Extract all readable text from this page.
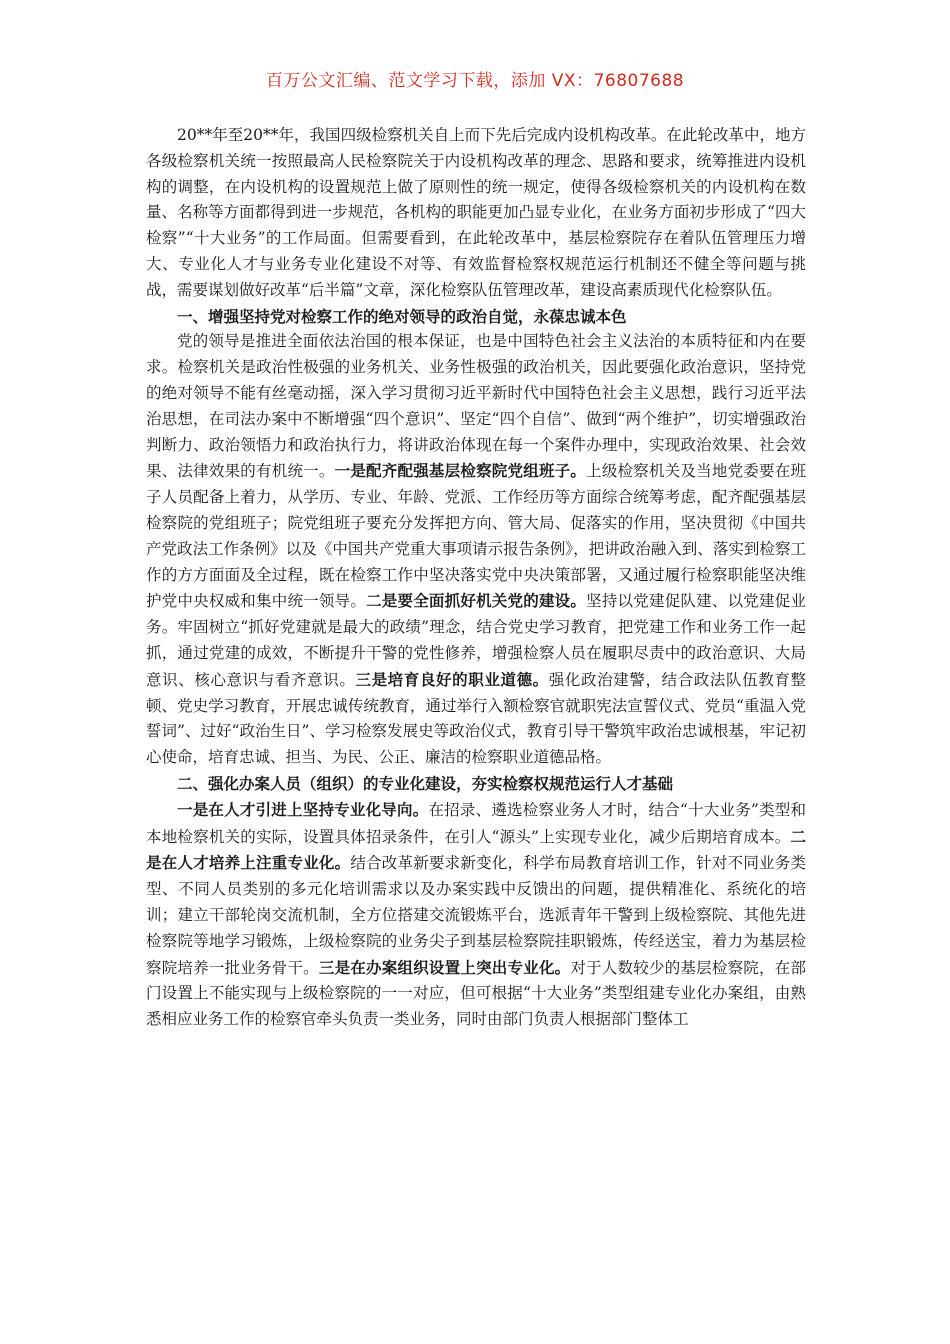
百万公文汇编、范文学习下载，添加 VX：76807688

20**年至20**年，我国四级检察机关自上而下先后完成内设机构改革。在此轮改革中，地方各级检察机关统一按照最高人民检察院关于内设机构改革的理念、思路和要求，统筹推进内设机构的调整，在内设机构的设置规范上做了原则性的统一规定，使得各级检察机关的内设机构在数量、名称等方面都得到进一步规范，各机构的职能更加凸显专业化，在业务方面初步形成了“四大检察”“十大业务”的工作局面。但需要看到，在此轮改革中，基层检察院存在着队伍管理压力增大、专业化人才与业务专业化建设不对等、有效监督检察权规范运行机制还不健全等问题与挑战，需要谋划做好改革“后半篇”文章，深化检察队伍管理改革，建设高素质现代化检察队伍。

一、增强坚持党对检察工作的绝对领导的政治自觉，永葆忠诚本色

党的领导是推进全面依法治国的根本保证，也是中国特色社会主义法治的本质特征和内在要求。检察机关是政治性极强的业务机关、业务性极强的政治机关，因此要强化政治意识，坚持党的绝对领导不能有丝毫动摇，深入学习贯彻习近平新时代中国特色社会主义思想，践行习近平法治思想，在司法办案中不断增强“四个意识”、坚定“四个自信”、做到“两个维护”，切实增强政治判断力、政治领悟力和政治执行力，将讲政治体现在每一个案件办理中，实现政治效果、社会效果、法律效果的有机统一。一是配齐配强基层检察院党组班子。上级检察机关及当地党委要在班子人员配备上着力，从学历、专业、年龄、党派、工作经历等方面综合统筹考虑，配齐配强基层检察院的党组班子；院党组班子要充分发挥把方向、管大局、促落实的作用，坚决贯彻《中国共产党政法工作条例》以及《中国共产党重大事项请示报告条例》，把讲政治融入到、落实到检察工作的方方面面及全过程，既在检察工作中坚决落实党中央决策部署，又通过履行检察职能坚决维护党中央权威和集中统一领导。二是要全面抓好机关党的建设。坚持以党建促队建、以党建促业务。牢固树立“抓好党建就是最大的政绩”理念，结合党史学习教育，把党建工作和业务工作一起抓，通过党建的成效，不断提升干警的党性修养，增强检察人员在履职尽责中的政治意识、大局意识、核心意识与看齐意识。三是培育良好的职业道德。强化政治建警，结合政法队伍教育整顿、党史学习教育，开展忠诚传统教育，通过举行入额检察官就职宪法宣誓仪式、党员“重温入党誓词”、过好“政治生日”、学习检察发展史等政治仪式，教育引导干警筑牢政治忠诚根基，牢记初心使命，培育忠诚、担当、为民、公正、廉洁的检察职业道德品格。

二、强化办案人员（组织）的专业化建设，夯实检察权规范运行人才基础

一是在人才引进上坚持专业化导向。在招录、遴选检察业务人才时，结合“十大业务”类型和本地检察机关的实际，设置具体招录条件，在引人“源头”上实现专业化，减少后期培育成本。二是在人才培养上注重专业化。结合改革新要求新变化，科学布局教育培训工作，针对不同业务类型、不同人员类别的多元化培训需求以及办案实践中反馈出的问题，提供精准化、系统化的培训；建立干部轮岗交流机制，全方位搭建交流锻炼平台，选派青年干警到上级检察院、其他先进检察院等地学习锻炼，上级检察院的业务尖子到基层检察院挂职锻炼，传经送宝，着力为基层检察院培养一批业务骨干。三是在办案组织设置上突出专业化。对于人数较少的基层检察院，在部门设置上不能实现与上级检察院的一一对应，但可根据“十大业务”类型组建专业化办案组，由熟悉相应业务工作的检察官牵头负责一类业务，同时由部门负责人根据部门整体工
